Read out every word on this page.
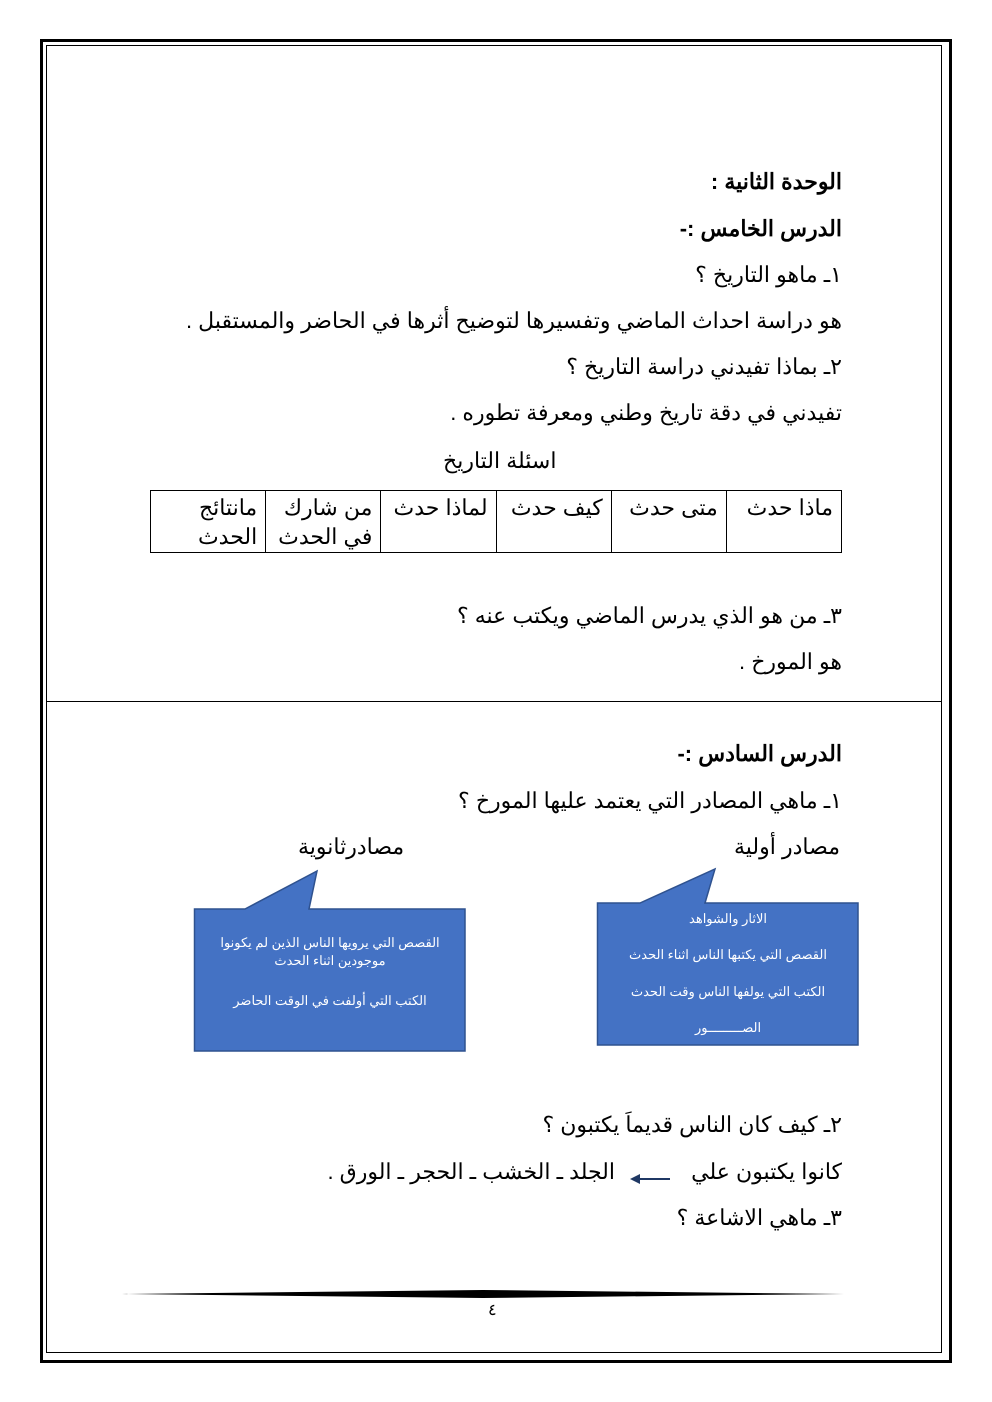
الوحدة الثانية :
الدرس الخامس :-
١ـ ماهو التاريخ ؟
هو دراسة احداث الماضي وتفسيرها لتوضيح أثرها في الحاضر والمستقبل .
٢ـ بماذا تفيدني دراسة التاريخ ؟
تفيدني في دقة تاريخ وطني ومعرفة تطوره .
اسئلة التاريخ
ماذا حدث	متى حدث	كيف حدث	لماذا حدث	من شارك في الحدث	مانتائج الحدث
٣ـ من هو الذي يدرس الماضي ويكتب عنه ؟
هو المورخ .
الدرس السادس :-
١ـ ماهي المصادر التي يعتمد عليها المورخ ؟
مصادر أولية
مصادرثانوية
القصص التي يرويها الناس الذين لم يكونوا موجودين اثناء الحدث
الكتب التي أولفت في الوقت الحاضر
الاثار والشواهد
القصص التي يكتبها الناس اثناء الحدث
الكتب التي يولفها الناس وقت الحدث
الصـــــــــور
٢ـ كيف كان الناس قديماَ يكتبون ؟
كانوا يكتبون علي
الجلد ـ الخشب ـ الحجر ـ الورق .
٣ـ ماهي الاشاعة ؟
٤
